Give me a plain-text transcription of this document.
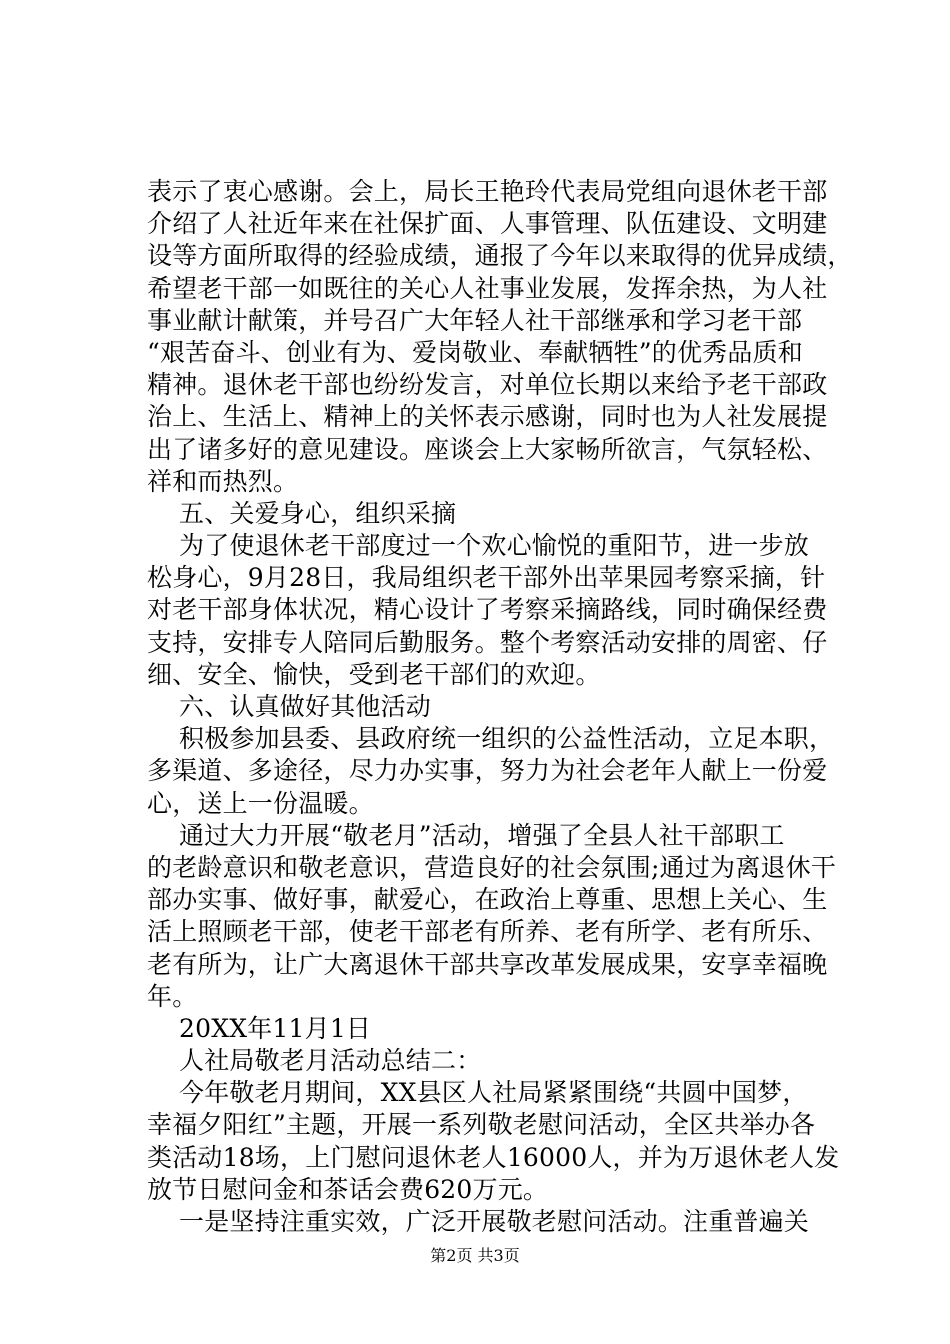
表示了衷心感谢。会上，局长王艳玲代表局党组向退休老干部
介绍了人社近年来在社保扩面、人事管理、队伍建设、文明建
设等方面所取得的经验成绩，通报了今年以来取得的优异成绩，
希望老干部一如既往的关心人社事业发展，发挥余热，为人社
事业献计献策，并号召广大年轻人社干部继承和学习老干部
“艰苦奋斗、创业有为、爱岗敬业、奉献牺牲”的优秀品质和
精神。退休老干部也纷纷发言，对单位长期以来给予老干部政
治上、生活上、精神上的关怀表示感谢，同时也为人社发展提
出了诸多好的意见建设。座谈会上大家畅所欲言，气氛轻松、
祥和而热烈。
五、关爱身心，组织采摘
为了使退休老干部度过一个欢心愉悦的重阳节，进一步放
松身心，9月28日，我局组织老干部外出苹果园考察采摘，针
对老干部身体状况，精心设计了考察采摘路线，同时确保经费
支持，安排专人陪同后勤服务。整个考察活动安排的周密、仔
细、安全、愉快，受到老干部们的欢迎。
六、认真做好其他活动
积极参加县委、县政府统一组织的公益性活动，立足本职，
多渠道、多途径，尽力办实事，努力为社会老年人献上一份爱
心，送上一份温暖。
通过大力开展“敬老月”活动，增强了全县人社干部职工
的老龄意识和敬老意识，营造良好的社会氛围;通过为离退休干
部办实事、做好事，献爱心，在政治上尊重、思想上关心、生
活上照顾老干部，使老干部老有所养、老有所学、老有所乐、
老有所为，让广大离退休干部共享改革发展成果，安享幸福晚
年。
20XX年11月1日
人社局敬老月活动总结二：
今年敬老月期间，XX县区人社局紧紧围绕“共圆中国梦，
幸福夕阳红”主题，开展一系列敬老慰问活动，全区共举办各
类活动18场，上门慰问退休老人16000人，并为万退休老人发
放节日慰问金和茶话会费620万元。
一是坚持注重实效，广泛开展敬老慰问活动。注重普遍关
第2页 共3页
